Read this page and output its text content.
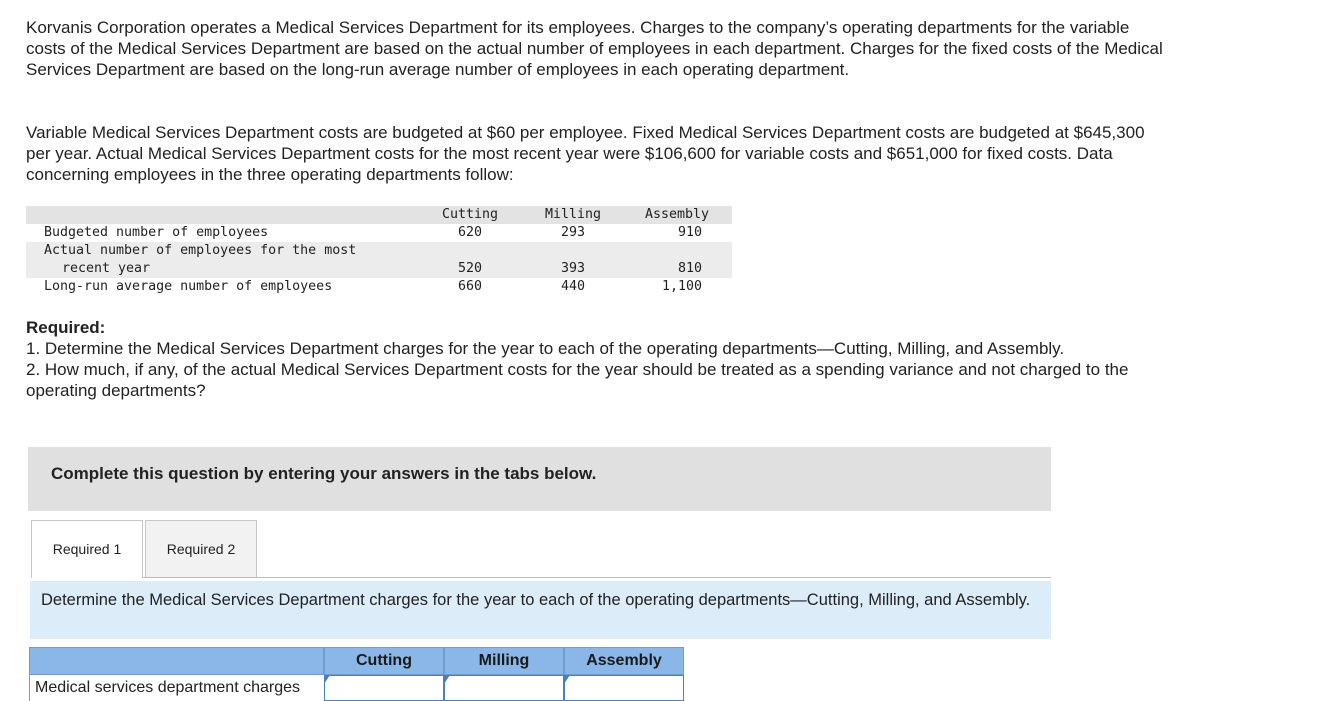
Korvanis Corporation operates a Medical Services Department for its employees. Charges to the company’s operating departments for the variable costs of the Medical Services Department are based on the actual number of employees in each department. Charges for the fixed costs of the Medical Services Department are based on the long-run average number of employees in each operating department.

Variable Medical Services Department costs are budgeted at $60 per employee. Fixed Medical Services Department costs are budgeted at $645,300 per year. Actual Medical Services Department costs for the most recent year were $106,600 for variable costs and $651,000 for fixed costs. Data concerning employees in the three operating departments follow:

Cutting	Milling	Assembly
Budgeted number of employees	620	293	910
Actual number of employees for the most
recent year	520	393	810
Long-run average number of employees	660	440	1,100
Required:
1. Determine the Medical Services Department charges for the year to each of the operating departments—Cutting, Milling, and Assembly.
2. How much, if any, of the actual Medical Services Department costs for the year should be treated as a spending variance and not charged to the operating departments?
Complete this question by entering your answers in the tabs below.
Required 1	Required 2
Determine the Medical Services Department charges for the year to each of the operating departments—Cutting, Milling, and Assembly.
Cutting	Milling	Assembly
Medical services department charges
